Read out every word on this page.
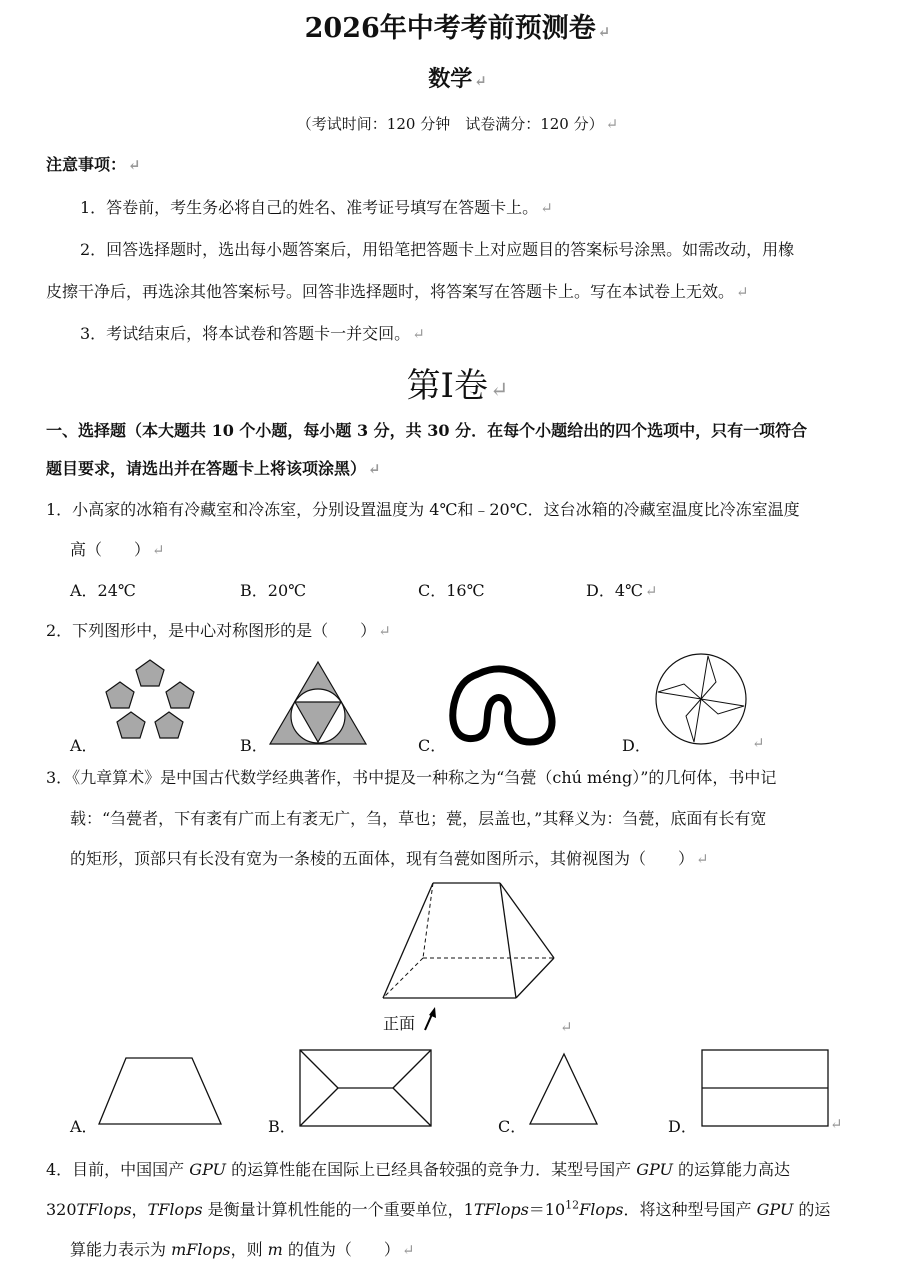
2026年中考考前预测卷 ↵
数学 ↵
（考试时间：120 分钟　试卷满分：120 分） ↵
注意事项： ↵
1．答卷前，考生务必将自己的姓名、准考证号填写在答题卡上。 ↵
2．回答选择题时，选出每小题答案后，用铅笔把答题卡上对应题目的答案标号涂黑。如需改动，用橡
皮擦干净后，再选涂其他答案标号。回答非选择题时，将答案写在答题卡上。写在本试卷上无效。 ↵
3．考试结束后，将本试卷和答题卡一并交回。 ↵
第I卷↵
一、选择题（本大题共 10 个小题，每小题 3 分，共 30 分．在每个小题给出的四个选项中，只有一项符合
题目要求，请选出并在答题卡上将该项涂黑） ↵
1．小高家的冰箱有冷藏室和冷冻室，分别设置温度为 4℃和﹣20℃．这台冰箱的冷藏室温度比冷冻室温度
高（　　） ↵
A．24℃	B．20℃	C．16℃	D．4℃ ↵
2．下列图形中，是中心对称图形的是（　　） ↵
A．	B．	C．	D．	↵
3．《九章算术》是中国古代数学经典著作，书中提及一种称之为“刍甍（chú méng）”的几何体，书中记
载：“刍甍者，下有袤有广而上有袤无广，刍，草也；甍，层盖也，”其释义为：刍甍，底面有长有宽
的矩形，顶部只有长没有宽为一条棱的五面体，现有刍甍如图所示，其俯视图为（　　） ↵
正面	↵
A．	B．	C．	D．	↵
4．目前，中国国产 GPU 的运算性能在国际上已经具备较强的竞争力．某型号国产 GPU 的运算能力高达
320TFlops，TFlops 是衡量计算机性能的一个重要单位，$1TFlops=10^{12}Flops$．将这种型号国产 GPU 的运
算能力表示为 mFlops，则 m 的值为（　　） ↵
